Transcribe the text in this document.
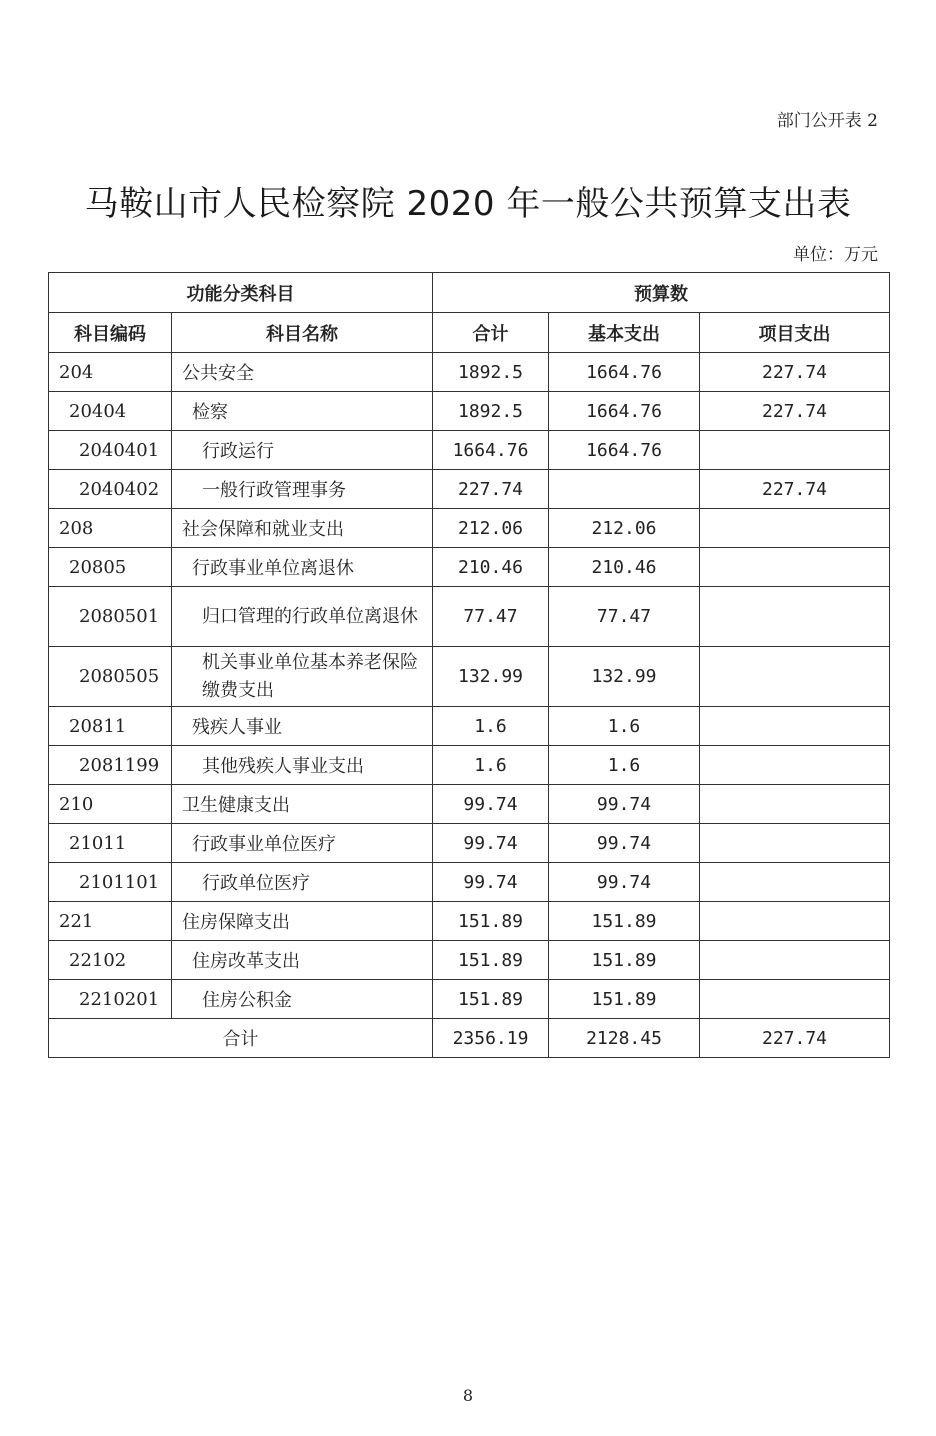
部门公开表 2
马鞍山市人民检察院 2020 年一般公共预算支出表
单位：万元
功能分类科目		预算数		
科目编码	科目名称	合计	基本支出	项目支出
204	公共安全	1892.5	1664.76	227.74
20404	检察	1892.5	1664.76	227.74
2040401	行政运行	1664.76	1664.76	
2040402	一般行政管理事务	227.74		227.74
208	社会保障和就业支出	212.06	212.06	
20805	行政事业单位离退休	210.46	210.46	
2080501	归口管理的行政单位离退休	77.47	77.47	
2080505	机关事业单位基本养老保险缴费支出	132.99	132.99	
20811	残疾人事业	1.6	1.6	
2081199	其他残疾人事业支出	1.6	1.6	
210	卫生健康支出	99.74	99.74	
21011	行政事业单位医疗	99.74	99.74	
2101101	行政单位医疗	99.74	99.74	
221	住房保障支出	151.89	151.89	
22102	住房改革支出	151.89	151.89	
2210201	住房公积金	151.89	151.89	
合计		2356.19	2128.45	227.74
8
